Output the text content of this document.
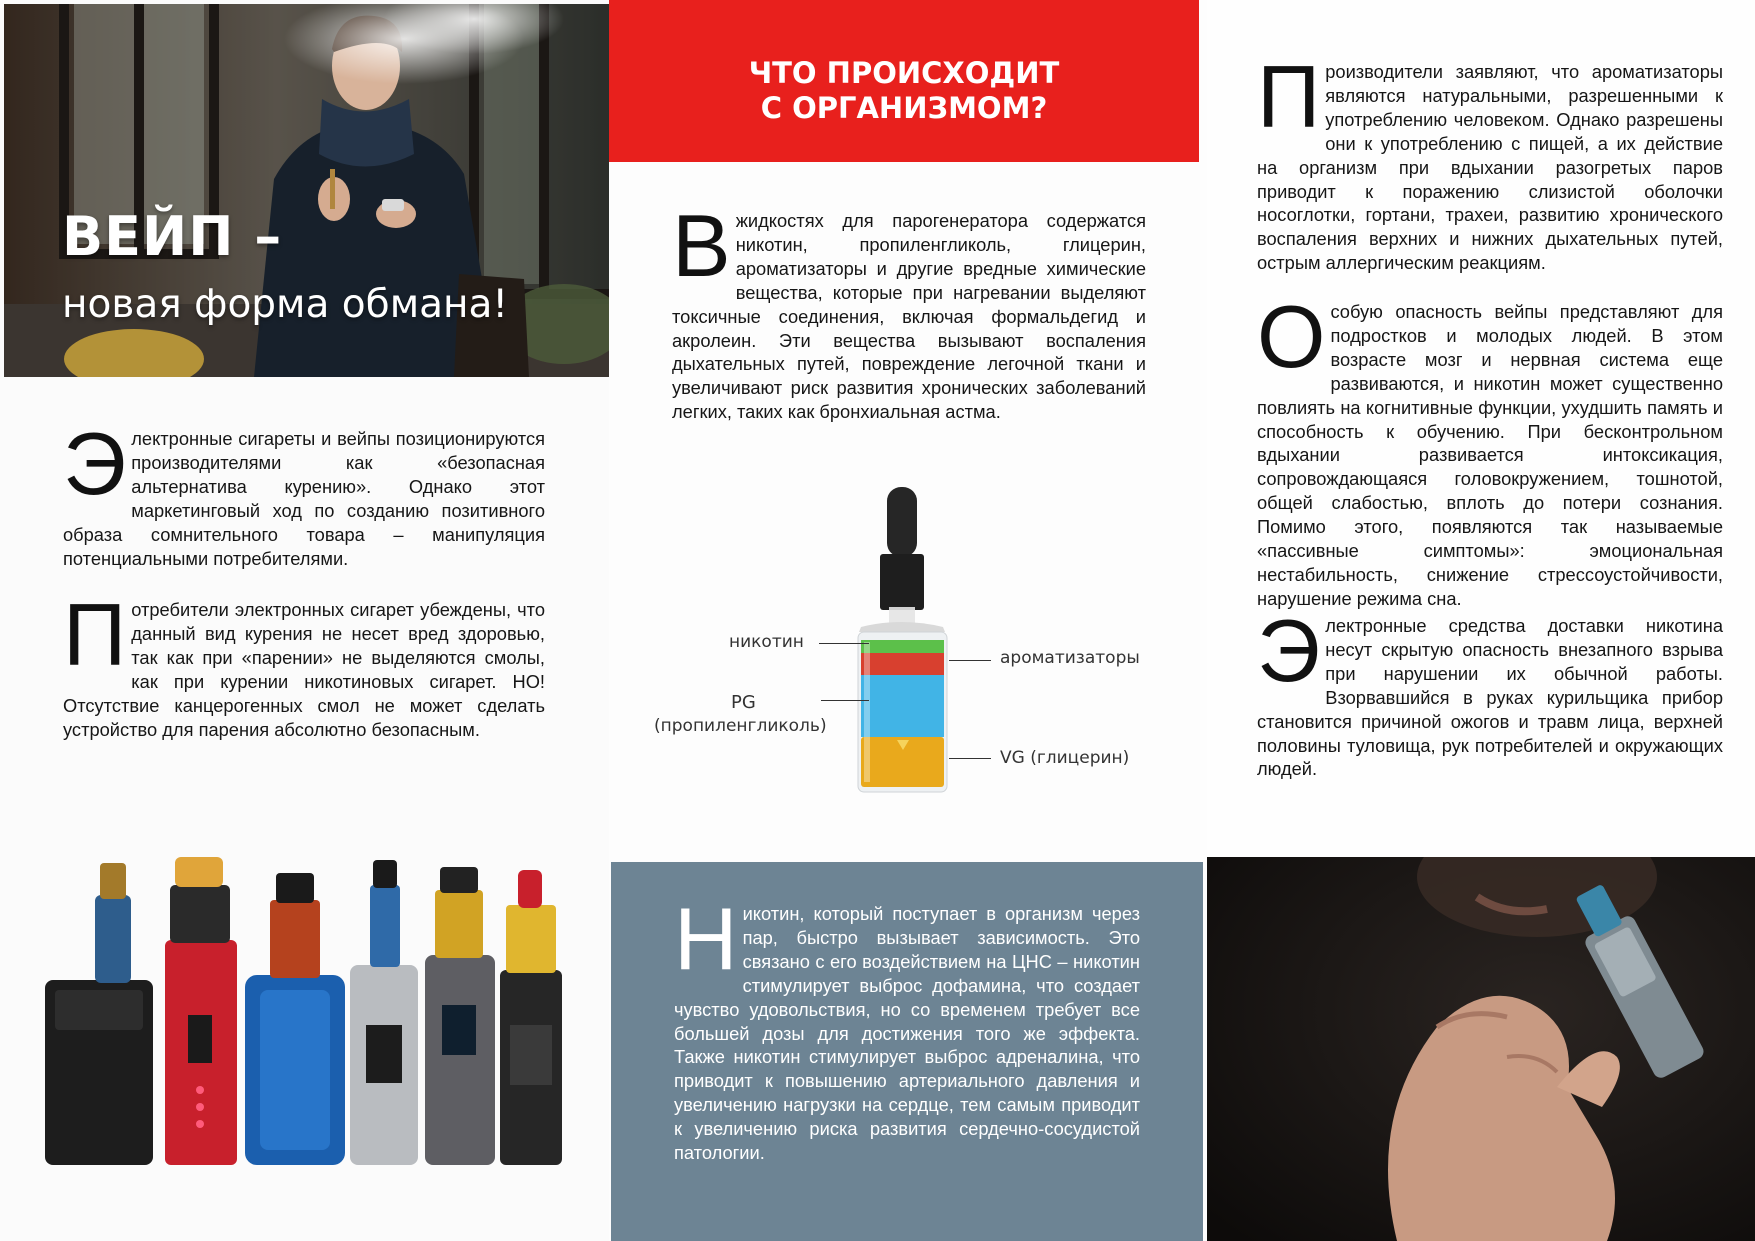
ВЕЙП –
новая форма обмана!
Электронные сигареты и вейпы позиционируются производителями как «безопасная альтернатива курению». Однако этот маркетинговый ход по созданию позитивного образа сомнительного товара – манипуляция потенциальными потребителями.
Потребители электронных сигарет убеждены, что данный вид курения не несет вред здоровью, так как при «парении» не выделяются смолы, как при курении никотиновых сигарет. НО! Отсутствие канцерогенных смол не может сделать устройство для парения абсолютно безопасным.
ЧТО ПРОИСХОДИТ
С ОРГАНИЗМОМ?
Вжидкостях для парогенератора содержатся никотин, пропиленгликоль, глицерин, ароматизаторы и другие вредные химические вещества, которые при нагревании выделяют токсичные соединения, включая формальдегид и акролеин. Эти вещества вызывают воспаления дыхательных путей, повреждение легочной ткани и увеличивают риск развития хронических заболеваний легких, таких как бронхиальная астма.
никотин
PG
(пропиленгликоль)
ароматизаторы
VG (глицерин)
Никотин, который поступает в организм через пар, быстро вызывает зависимость. Это связано с его воздействием на ЦНС – никотин стимулирует выброс дофамина, что создает чувство удовольствия, но со временем требует все большей дозы для достижения того же эффекта. Также никотин стимулирует выброс адреналина, что приводит к повышению артериального давления и увеличению нагрузки на сердце, тем самым приводит к увеличению риска развития сердечно-сосудистой патологии.
Производители заявляют, что ароматизаторы являются натуральными, разрешенными к употреблению человеком. Однако разрешены они к употреблению с пищей, а их действие на организм при вдыхании разогретых паров приводит к поражению слизистой оболочки носоглотки, гортани, трахеи, развитию хронического воспаления верхних и нижних дыхательных путей, острым аллергическим реакциям.
Особую опасность вейпы представляют для подростков и молодых людей. В этом возрасте мозг и нервная система еще развиваются, и никотин может существенно повлиять на когнитивные функции, ухудшить память и способность к обучению. При бесконтрольном вдыхании развивается интоксикация, сопровождающаяся головокружением, тошнотой, общей слабостью, вплоть до потери сознания. Помимо этого, появляются так называемые «пассивные симптомы»: эмоциональная нестабильность, снижение стрессоустойчивости, нарушение режима сна.
Электронные средства доставки никотина несут скрытую опасность внезапного взрыва при нарушении их обычной работы. Взорвавшийся в руках курильщика прибор становится причиной ожогов и травм лица, верхней половины туловища, рук потребителей и окружающих людей.
